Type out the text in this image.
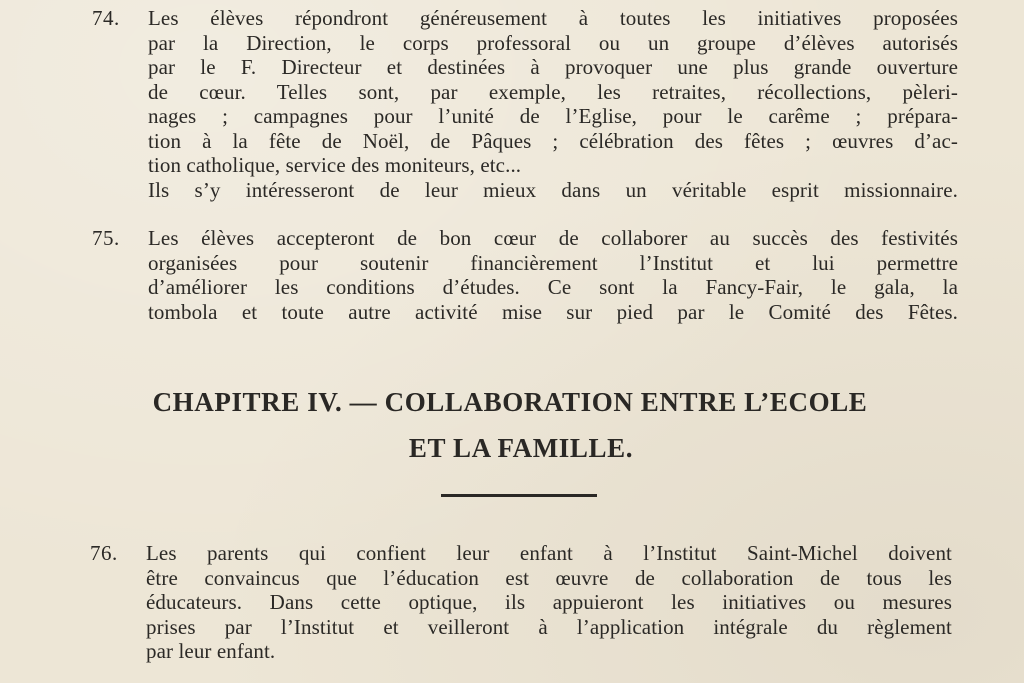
74. Les élèves répondront généreusement à toutes les initiatives proposées
par la Direction, le corps professoral ou un groupe d’élèves autorisés
par le F. Directeur et destinées à provoquer une plus grande ouverture
de cœur. Telles sont, par exemple, les retraites, récollections, pèleri-
nages ; campagnes pour l’unité de l’Eglise, pour le carême ; prépara-
tion à la fête de Noël, de Pâques ; célébration des fêtes ; œuvres d’ac-
tion catholique, service des moniteurs, etc...
Ils s’y intéresseront de leur mieux dans un véritable esprit missionnaire.
75. Les élèves accepteront de bon cœur de collaborer au succès des festivités
organisées pour soutenir financièrement l’Institut et lui permettre
d’améliorer les conditions d’études. Ce sont la Fancy-Fair, le gala, la
tombola et toute autre activité mise sur pied par le Comité des Fêtes.
CHAPITRE IV. — COLLABORATION ENTRE L’ECOLE
ET LA FAMILLE.
76. Les parents qui confient leur enfant à l’Institut Saint-Michel doivent
être convaincus que l’éducation est œuvre de collaboration de tous les
éducateurs. Dans cette optique, ils appuieront les initiatives ou mesures
prises par l’Institut et veilleront à l’application intégrale du règlement
par leur enfant.
